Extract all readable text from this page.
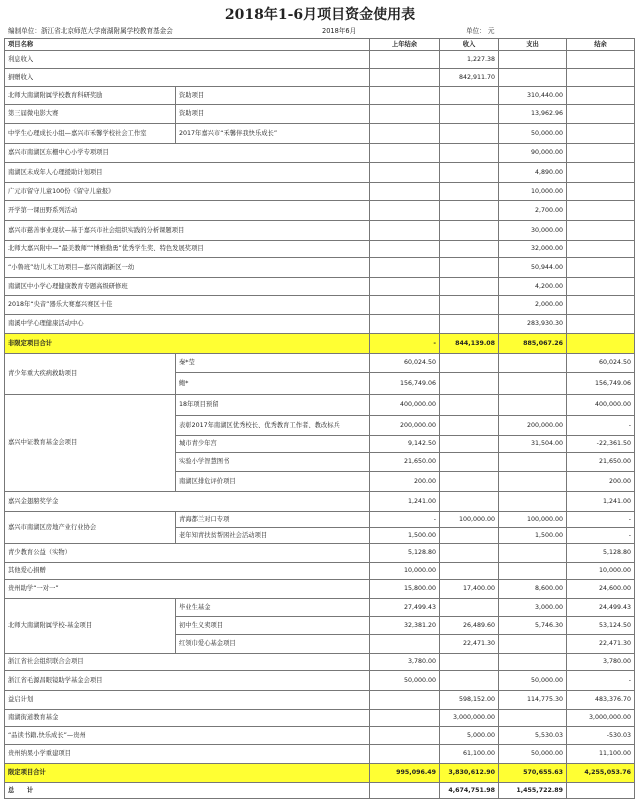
2018年1-6月项目资金使用表
编制单位：浙江省北京师范大学南湖附属学校教育基金会	2018年6月	单位： 元
项目名称		上年结余	收入	支出	结余
利息收入			1,227.38		
捐赠收入			842,911.70		
北师大南湖附属学校教育科研奖励	资助项目			310,440.00	
第三届微电影大赛	资助项目			13,962.96	
中学生心理成长小组—嘉兴市禾馨学校社会工作室	2017年嘉兴市“禾馨伴我快乐成长”			50,000.00	
嘉兴市南湖区东栅中心小学专项项目				90,000.00	
南湖区未成年人心理援助计划项目				4,890.00	
广元市留守儿童100份《留守儿童报》				10,000.00	
开学第一课田野系列活动				2,700.00	
嘉兴市慈善事业现状—基于嘉兴市社会组织实践的分析课题项目				30,000.00	
北师大嘉兴附中—“最美教师”“博雅勤勇”优秀学生奖、特色发展奖项目				32,000.00	
“小鲁班”幼儿木工坊项目—嘉兴南湖新区一幼				50,944.00	
南湖区中小学心理健康教育专题高级研修班				4,200.00	
2018年“央音”器乐大赛嘉兴赛区十佳				2,000.00	
南溪中学心理健康活动中心				283,930.30	
非限定项目合计		-	844,139.08	885,067.26	
青少年重大疾病救助项目	秦*莹	60,024.50			60,024.50
	鲍*	156,749.06			156,749.06
嘉兴中证教育基金会项目	18年项目预留	400,000.00			400,000.00
	表彰2017年南湖区优秀校长、优秀教育工作者、教改标兵	200,000.00		200,000.00	-
	城市青少年宫	9,142.50		31,504.00	-22,361.50
	实验小学智慧图书	21,650.00			21,650.00
	南湖区排危评价项目	200.00			200.00
嘉兴金翅膀奖学金		1,241.00			1,241.00
嘉兴市南湖区房地产业行业协会	青海都兰对口专项	-	100,000.00	100,000.00	-
	老年知青扶贫帮困社会活动项目	1,500.00		1,500.00	-
青少教育公益（实物）		5,128.80			5,128.80
其他爱心捐赠		10,000.00			10,000.00
贵州助学“一对一”		15,800.00	17,400.00	8,600.00	24,600.00
北师大南湖附属学校-基金项目	毕业生基金	27,499.43		3,000.00	24,499.43
	初中生义卖项目	32,381.20	26,489.60	5,746.30	53,124.50
	红领巾爱心基金项目		22,471.30		22,471.30
浙江省社会组织联合会项目		3,780.00			3,780.00
浙江省毛源昌眼镜助学基金会项目		50,000.00		50,000.00	-
益启计划			598,152.00	114,775.30	483,376.70
南湖街道教育基金			3,000,000.00		3,000,000.00
“品读书籍,快乐成长”—贵州			5,000.00	5,530.03	-530.03
贵州纳果小学重建项目			61,100.00	50,000.00	11,100.00
限定项目合计		995,096.49	3,830,612.90	570,655.63	4,255,053.76
总　　计			4,674,751.98	1,455,722.89	
